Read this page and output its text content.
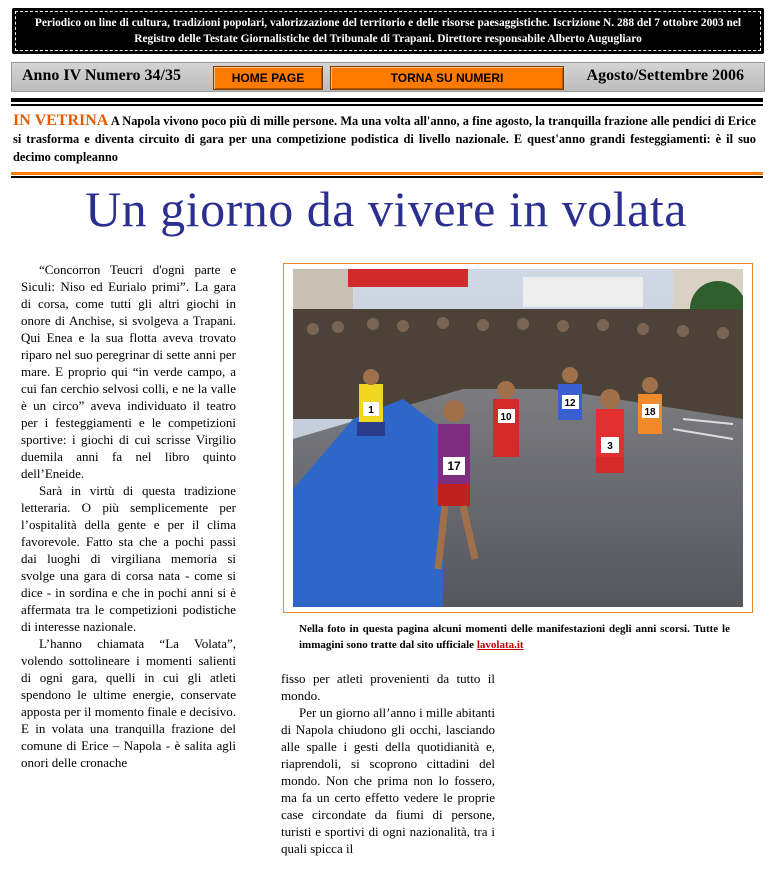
Periodico on line di cultura, tradizioni popolari, valorizzazione del territorio e delle risorse paesaggistiche. Iscrizione N. 288 del 7 ottobre 2003 nel Registro delle Testate Giornalistiche del Tribunale di Trapani. Direttore responsabile Alberto Augugliaro

Anno IV Numero 34/35	HOME PAGE	TORNA SU NUMERI	Agosto/Settembre 2006

IN VETRINA A Napola vivono poco più di mille persone. Ma una volta all'anno, a fine agosto, la tranquilla frazione alle pendici di Erice si trasforma e diventa circuito di gara per una competizione podistica di livello nazionale. E quest'anno grandi festeggiamenti: è il suo decimo compleanno

Un giorno da vivere in volata

“Concorron Teucri d'ogni parte e Siculi: Niso ed Eurialo primi”. La gara di corsa, come tutti gli altri giochi in onore di Anchise, si svolgeva a Trapani. Qui Enea e la sua flotta aveva trovato riparo nel suo peregrinar di sette anni per mare. E proprio qui “in verde campo, a cui fan cerchio selvosi colli, e ne la valle è un circo” aveva individuato il teatro per i festeggiamenti e le competizioni sportive: i giochi di cui scrisse Virgilio duemila anni fa nel libro quinto dell’Eneide.

Sarà in virtù di questa tradizione letteraria. O più semplicemente per l’ospitalità della gente e per il clima favorevole. Fatto sta che a pochi passi dai luoghi di virgiliana memoria si svolge una gara di corsa nata - come si dice - in sordina e che in pochi anni si è affermata tra le competizioni podistiche di interesse nazionale.

L’hanno chiamata “La Volata”, volendo sottolineare i momenti salienti di ogni gara, quelli in cui gli atleti spendono le ultime energie, conservate apposta per il momento finale e decisivo. E in volata una tranquilla frazione del comune di Erice – Napola - è salita agli onori delle cronache

1
17
10
12
3
18

Nella foto in questa pagina alcuni momenti delle manifestazioni degli anni scorsi. Tutte le immagini sono tratte dal sito ufficiale lavolata.it

fisso per atleti provenienti da tutto il mondo.

Per un giorno all’anno i mille abitanti di Napola chiudono gli occhi, lasciando alle spalle i gesti della quotidianità e, riaprendoli, si scoprono cittadini del mondo. Non che prima non lo fossero, ma fa un certo effetto vedere le proprie case circondate da fiumi di persone, turisti e sportivi di ogni nazionalità, tra i quali spicca il
